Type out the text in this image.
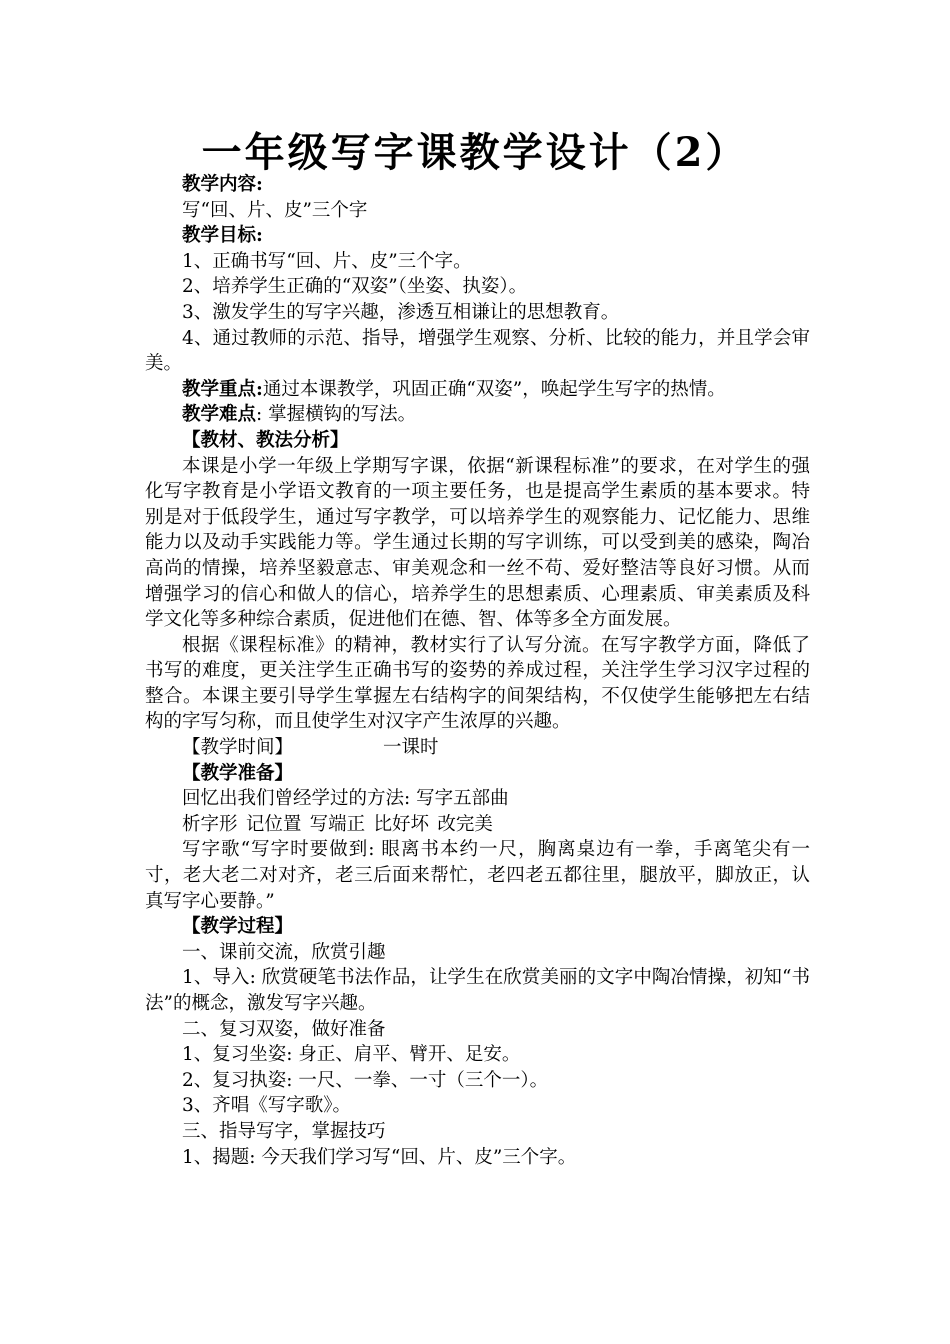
一年级写字课教学设计（2）

教学内容:

写“回、片、皮”三个字

教学目标:

1、正确书写“回、片、皮”三个字。

2、培养学生正确的“双姿”（坐姿、执姿）。

3、激发学生的写字兴趣，渗透互相谦让的思想教育。

4、通过教师的示范、指导，增强学生观察、分析、比较的能力，并且学会审美。

教学重点:通过本课教学，巩固正确“双姿”，唤起学生写字的热情。

教学难点: 掌握横钩的写法。

【教材、教法分析】

本课是小学一年级上学期写字课，依据“新课程标准”的要求，在对学生的强化写字教育是小学语文教育的一项主要任务，也是提高学生素质的基本要求。特别是对于低段学生，通过写字教学，可以培养学生的观察能力、记忆能力、思维能力以及动手实践能力等。学生通过长期的写字训练，可以受到美的感染，陶冶高尚的情操，培养坚毅意志、审美观念和一丝不苟、爱好整洁等良好习惯。从而增强学习的信心和做人的信心，培养学生的思想素质、心理素质、审美素质及科学文化等多种综合素质，促进他们在德、智、体等多全方面发展。

根据《课程标准》的精神，教材实行了认写分流。在写字教学方面，降低了书写的难度，更关注学生正确书写的姿势的养成过程，关注学生学习汉字过程的整合。本课主要引导学生掌握左右结构字的间架结构，不仅使学生能够把左右结构的字写匀称，而且使学生对汉字产生浓厚的兴趣。

【教学时间】	一课时

【教学准备】

回忆出我们曾经学过的方法: 写字五部曲

析字形 记位置 写端正 比好坏 改完美

写字歌“写字时要做到: 眼离书本约一尺，胸离桌边有一拳，手离笔尖有一寸，老大老二对对齐，老三后面来帮忙，老四老五都往里，腿放平，脚放正，认真写字心要静。”

【教学过程】

一、课前交流，欣赏引趣

1、导入: 欣赏硬笔书法作品，让学生在欣赏美丽的文字中陶冶情操，初知“书法”的概念，激发写字兴趣。

二、复习双姿，做好准备

1、复习坐姿: 身正、肩平、臂开、足安。

2、复习执姿: 一尺、一拳、一寸（三个一）。

3、齐唱《写字歌》。

三、指导写字，掌握技巧

1、揭题: 今天我们学习写“回、片、皮”三个字。
